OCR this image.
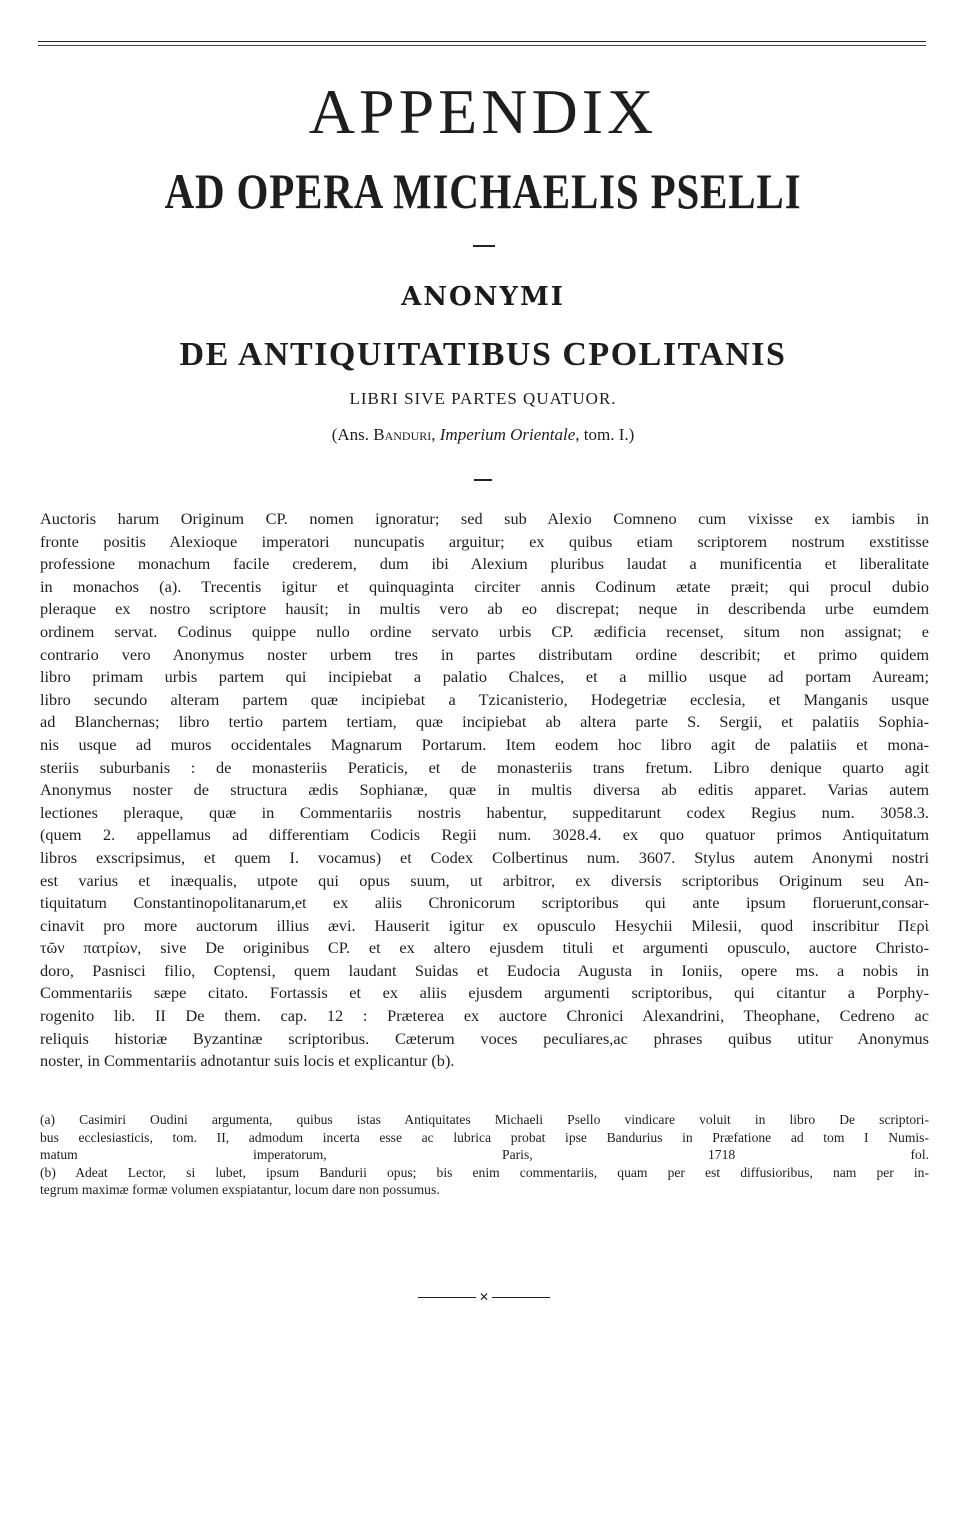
APPENDIX
AD OPERA MICHAELIS PSELLI
ANONYMI
DE ANTIQUITATIBUS CPOLITANIS
LIBRI SIVE PARTES QUATUOR.
(Ans. Banduri, Imperium Orientale, tom. I.)
Auctoris harum Originum CP. nomen ignoratur; sed sub Alexio Comneno cum vixisse ex iambis in
fronte positis Alexioque imperatori nuncupatis arguitur; ex quibus etiam scriptorem nostrum exstitisse
professione monachum facile crederem, dum ibi Alexium pluribus laudat a munificentia et liberalitate
in monachos (a). Trecentis igitur et quinquaginta circiter annis Codinum ætate præit; qui procul dubio
pleraque ex nostro scriptore hausit; in multis vero ab eo discrepat; neque in describenda urbe eumdem
ordinem servat. Codinus quippe nullo ordine servato urbis CP. ædificia recenset, situm non assignat; e
contrario vero Anonymus noster urbem tres in partes distributam ordine describit; et primo quidem
libro primam urbis partem qui incipiebat a palatio Chalces, et a millio usque ad portam Auream;
libro secundo alteram partem quæ incipiebat a Tzicanisterio, Hodegetriæ ecclesia, et Manganis usque
ad Blanchernas; libro tertio partem tertiam, quæ incipiebat ab altera parte S. Sergii, et palatiis Sophia-
nis usque ad muros occidentales Magnarum Portarum. Item eodem hoc libro agit de palatiis et mona-
steriis suburbanis : de monasteriis Peraticis, et de monasteriis trans fretum. Libro denique quarto agit
Anonymus noster de structura ædis Sophianæ, quæ in multis diversa ab editis apparet. Varias autem
lectiones pleraque, quæ in Commentariis nostris habentur, suppeditarunt codex Regius num. 3058.3.
(quem 2. appellamus ad differentiam Codicis Regii num. 3028.4. ex quo quatuor primos Antiquitatum
libros exscripsimus, et quem I. vocamus) et Codex Colbertinus num. 3607. Stylus autem Anonymi nostri
est varius et inæqualis, utpote qui opus suum, ut arbitror, ex diversis scriptoribus Originum seu An-
tiquitatum Constantinopolitanarum,et ex aliis Chronicorum scriptoribus qui ante ipsum floruerunt,consar-
cinavit pro more auctorum illius ævi. Hauserit igitur ex opusculo Hesychii Milesii, quod inscribitur Περὶ
τῶν πατρίων, sive De originibus CP. et ex altero ejusdem tituli et argumenti opusculo, auctore Christo-
doro, Pasnisci filio, Coptensi, quem laudant Suidas et Eudocia Augusta in Ioniis, opere ms. a nobis in
Commentariis sæpe citato. Fortassis et ex aliis ejusdem argumenti scriptoribus, qui citantur a Porphy-
rogenito lib. II De them. cap. 12 : Præterea ex auctore Chronici Alexandrini, Theophane, Cedreno ac
reliquis historiæ Byzantinæ scriptoribus. Cæterum voces peculiares,ac phrases quibus utitur Anonymus
noster, in Commentariis adnotantur suis locis et explicantur (b).
(a) Casimiri Oudini argumenta, quibus istas Antiquitates Michaeli Psello vindicare voluit in libro De scriptori-
bus ecclesiasticis, tom. II, admodum incerta esse ac lubrica probat ipse Bandurius in Præfatione ad tom I Numis-
matum imperatorum, Paris, 1718 fol.
(b) Adeat Lector, si lubet, ipsum Bandurii opus; bis enim commentariis, quam per est diffusioribus, nam per in-
tegrum maximæ formæ volumen exspiatantur, locum dare non possumus.
✕
